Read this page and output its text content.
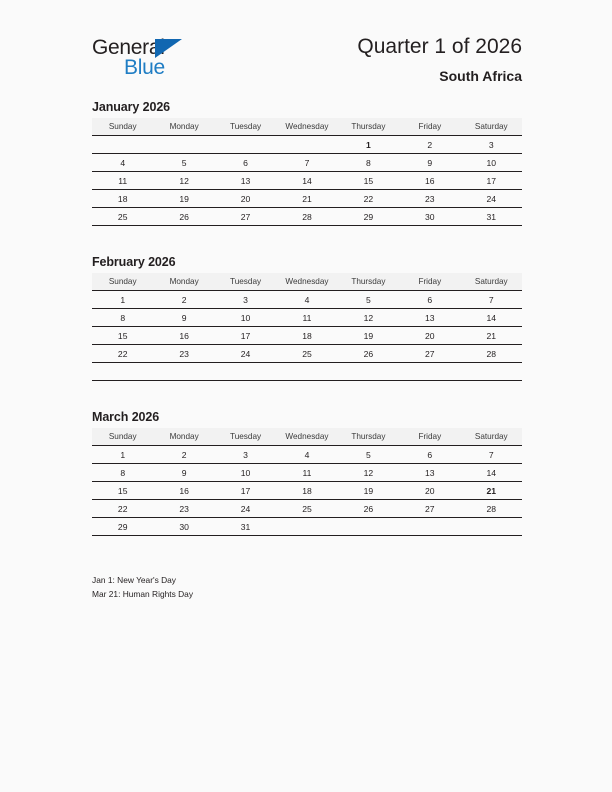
General
Blue
Quarter 1 of 2026
South Africa
January 2026
Sunday	Monday	Tuesday	Wednesday	Thursday	Friday	Saturday
				1	2	3
4	5	6	7	8	9	10
11	12	13	14	15	16	17
18	19	20	21	22	23	24
25	26	27	28	29	30	31
February 2026
Sunday	Monday	Tuesday	Wednesday	Thursday	Friday	Saturday
1	2	3	4	5	6	7
8	9	10	11	12	13	14
15	16	17	18	19	20	21
22	23	24	25	26	27	28

March 2026
Sunday	Monday	Tuesday	Wednesday	Thursday	Friday	Saturday
1	2	3	4	5	6	7
8	9	10	11	12	13	14
15	16	17	18	19	20	21
22	23	24	25	26	27	28
29	30	31				
Jan 1: New Year's Day
Mar 21: Human Rights Day
